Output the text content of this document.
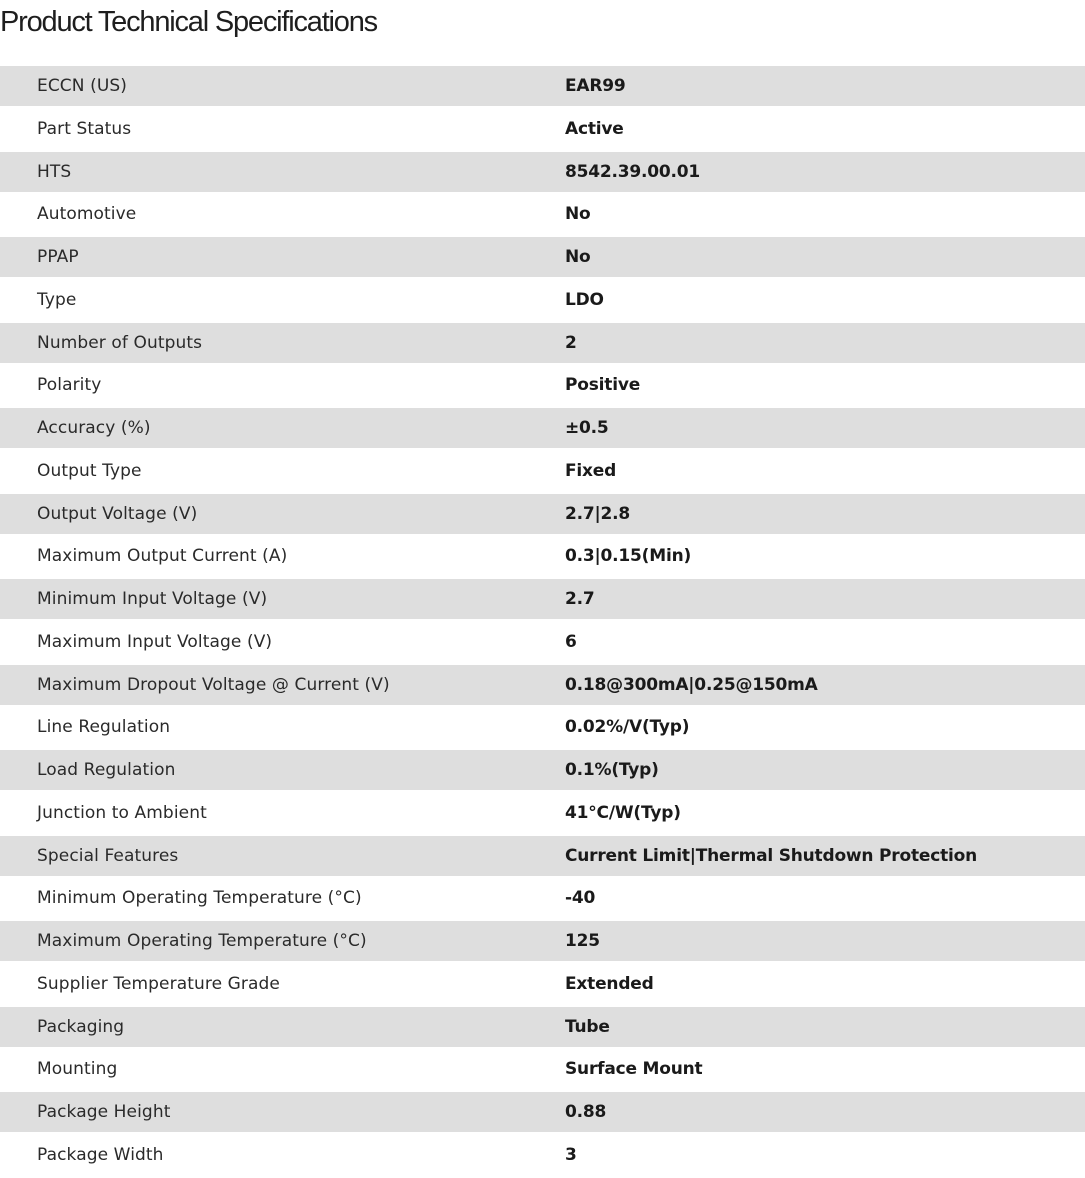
Product Technical Specifications
ECCN (US)	EAR99
Part Status	Active
HTS	8542.39.00.01
Automotive	No
PPAP	No
Type	LDO
Number of Outputs	2
Polarity	Positive
Accuracy (%)	±0.5
Output Type	Fixed
Output Voltage (V)	2.7|2.8
Maximum Output Current (A)	0.3|0.15(Min)
Minimum Input Voltage (V)	2.7
Maximum Input Voltage (V)	6
Maximum Dropout Voltage @ Current (V)	0.18@300mA|0.25@150mA
Line Regulation	0.02%/V(Typ)
Load Regulation	0.1%(Typ)
Junction to Ambient	41°C/W(Typ)
Special Features	Current Limit|Thermal Shutdown Protection
Minimum Operating Temperature (°C)	-40
Maximum Operating Temperature (°C)	125
Supplier Temperature Grade	Extended
Packaging	Tube
Mounting	Surface Mount
Package Height	0.88
Package Width	3
